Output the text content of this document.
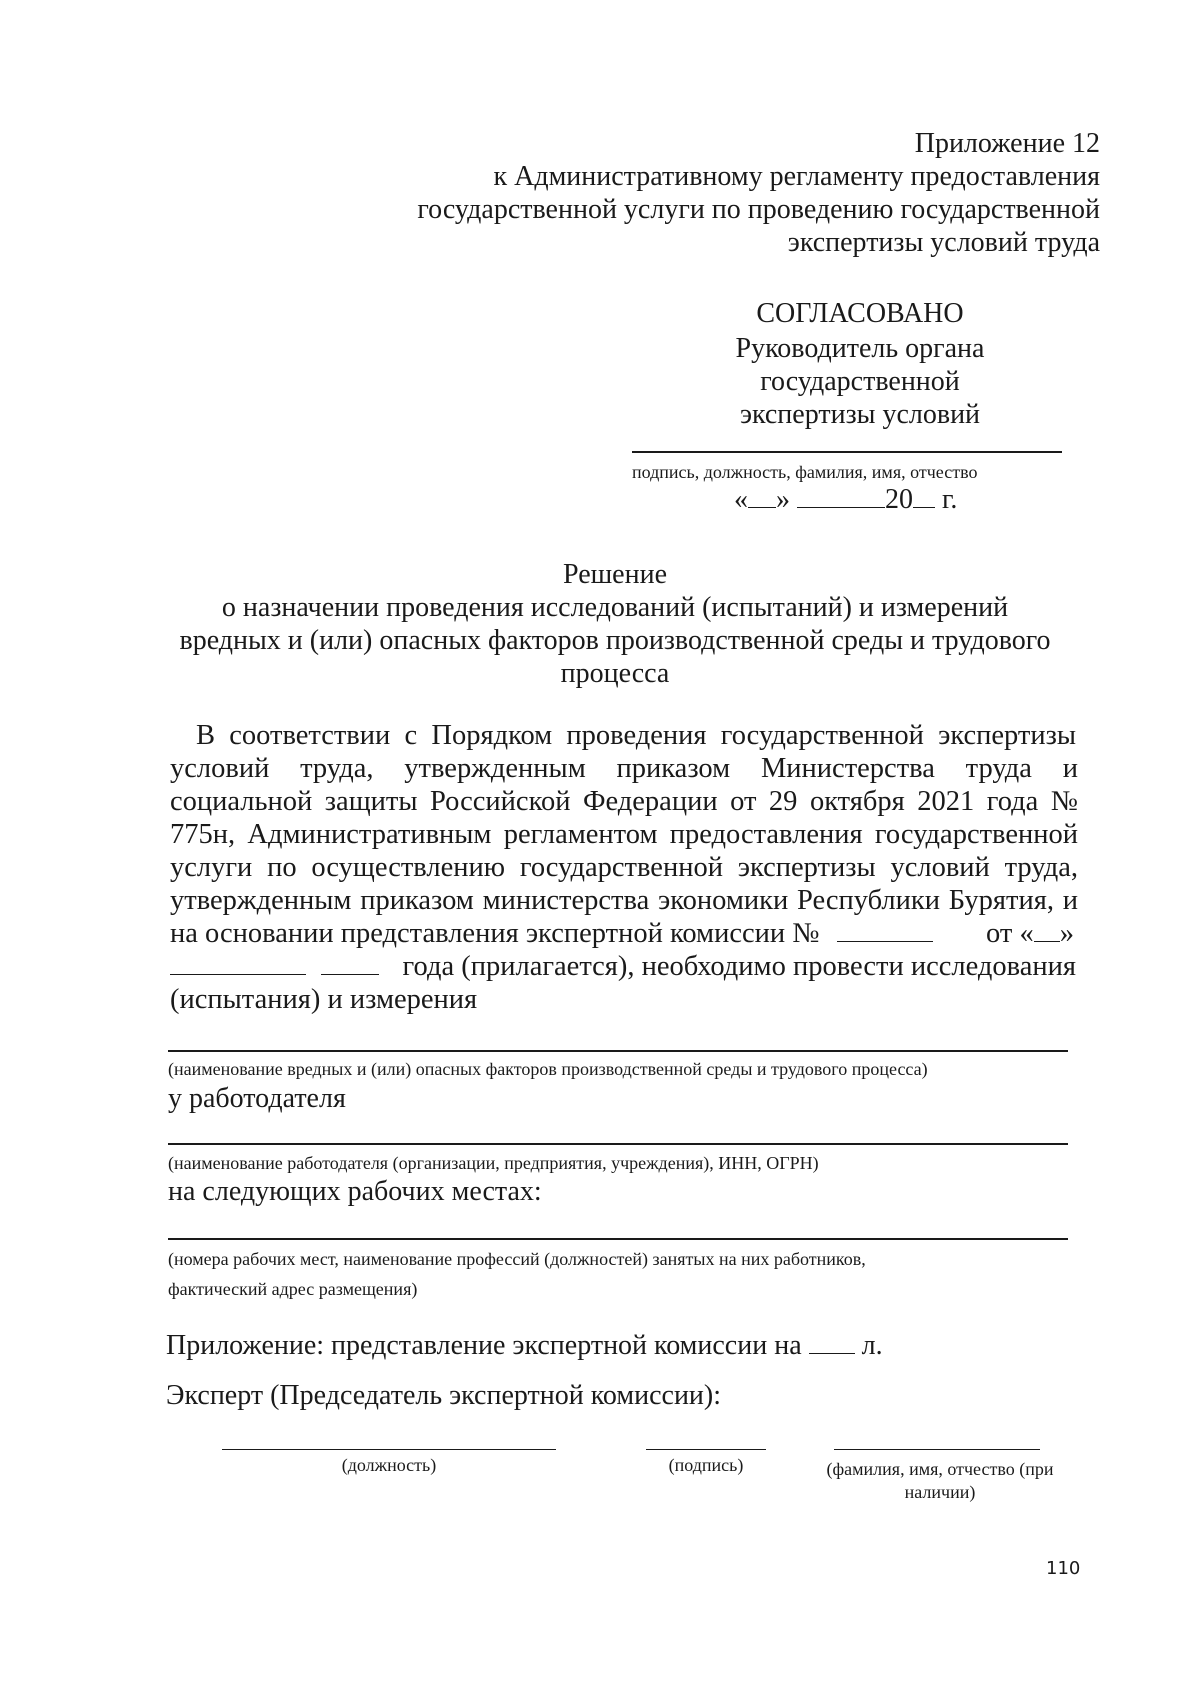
Приложение 12
к Административному регламенту предоставления
государственной услуги по проведению государственной
экспертизы условий труда
СОГЛАСОВАНО
Руководитель органа
государственной
экспертизы условий
подпись, должность, фамилия, имя, отчество
« »	20 г.
Решение
о назначении проведения исследований (испытаний) и измерений
вредных и (или) опасных факторов производственной среды и трудового
процесса
В соответствии с Порядком проведения государственной экспертизы
условий труда, утвержденным приказом Министерства труда и
социальной защиты Российской Федерации от 29 октября 2021 года №
775н, Административным регламентом предоставления государственной
услуги по осуществлению государственной экспертизы условий труда,
утвержденным приказом министерства экономики Республики Бурятия, и
на основании представления экспертной комиссии №	от « »

года (прилагается), необходимо провести исследования
(испытания) и измерения
(наименование вредных и (или) опасных факторов производственной среды и трудового процесса)
у работодателя
(наименование работодателя (организации, предприятия, учреждения), ИНН, ОГРН)
на следующих рабочих местах:
(номера рабочих мест, наименование профессий (должностей) занятых на них работников,
фактический адрес размещения)
Приложение: представление экспертной комиссии на л.
Эксперт (Председатель экспертной комиссии):
(должность)	(подпись)	(фамилия, имя, отчество (при
наличии)
110
